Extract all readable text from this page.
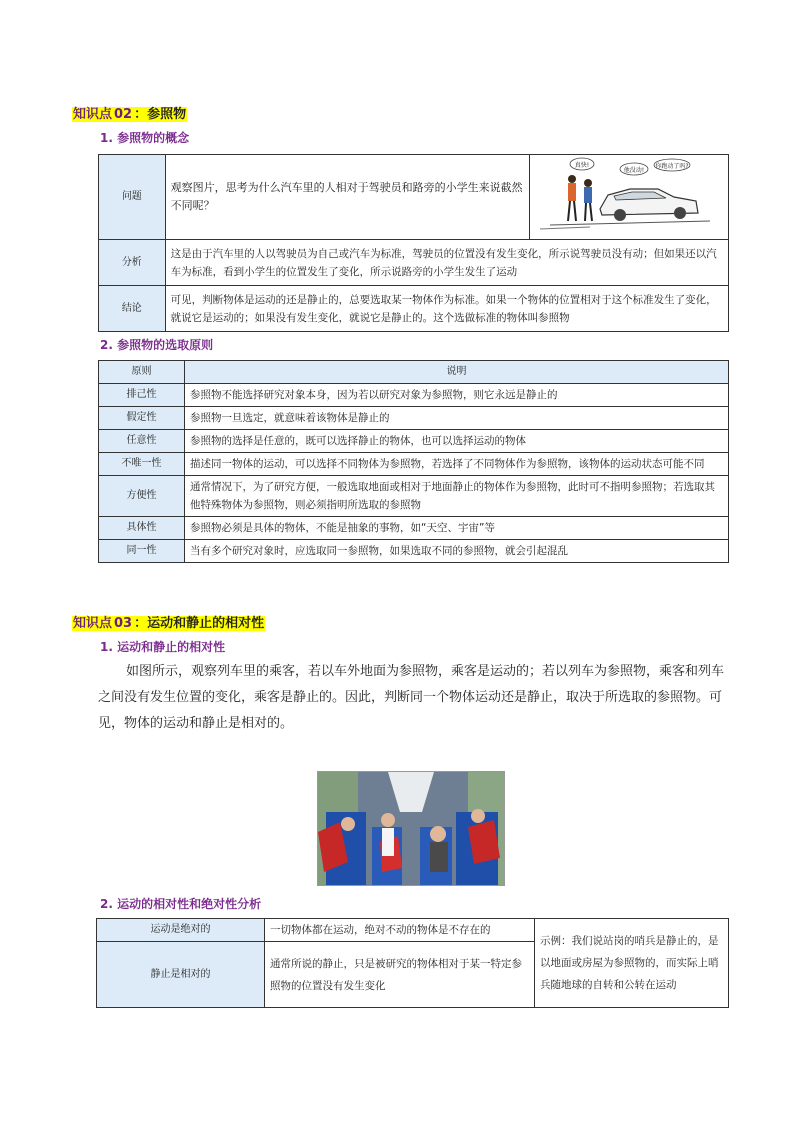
知识点 02 ：参照物
1. 参照物的概念
问题	观察图片，思考为什么汽车里的人相对于驾驶员和路旁的小学生来说截然不同呢？	真快!
他没动!
你跑动了吗?

分析	这是由于汽车里的人以驾驶员为自己或汽车为标准，驾驶员的位置没有发生变化，所示说驾驶员没有动；但如果还以汽车为标准，看到小学生的位置发生了变化，所示说路旁的小学生发生了运动	
结论	可见，判断物体是运动的还是静止的，总要选取某一物体作为标准。如果一个物体的位置相对于这个标准发生了变化，就说它是运动的；如果没有发生变化，就说它是静止的。这个选做标准的物体叫参照物	
2. 参照物的选取原则
原则	说明
排己性	参照物不能选择研究对象本身，因为若以研究对象为参照物，则它永远是静止的
假定性	参照物一旦选定，就意味着该物体是静止的
任意性	参照物的选择是任意的，既可以选择静止的物体，也可以选择运动的物体
不唯一性	描述同一物体的运动，可以选择不同物体为参照物，若选择了不同物体作为参照物，该物体的运动状态可能不同
方便性	通常情况下，为了研究方便，一般选取地面或相对于地面静止的物体作为参照物，此时可不指明参照物；若选取其他特殊物体为参照物，则必须指明所选取的参照物
具体性	参照物必须是具体的物体，不能是抽象的事物，如“天空、宇宙”等
同一性	当有多个研究对象时，应选取同一参照物，如果选取不同的参照物，就会引起混乱
知识点 03 ：运动和静止的相对性
1. 运动和静止的相对性
如图所示，观察列车里的乘客，若以车外地面为参照物，乘客是运动的；若以列车为参照物，乘客和列车之间没有发生位置的变化，乘客是静止的。因此，判断同一个物体运动还是静止，取决于所选取的参照物。可见，物体的运动和静止是相对的。
2. 运动的相对性和绝对性分析
运动是绝对的	一切物体都在运动，绝对不动的物体是不存在的	示例：我们说站岗的哨兵是静止的，是以地面或房屋为参照物的，而实际上哨兵随地球的自转和公转在运动
静止是相对的	通常所说的静止，只是被研究的物体相对于某一特定参照物的位置没有发生变化	
